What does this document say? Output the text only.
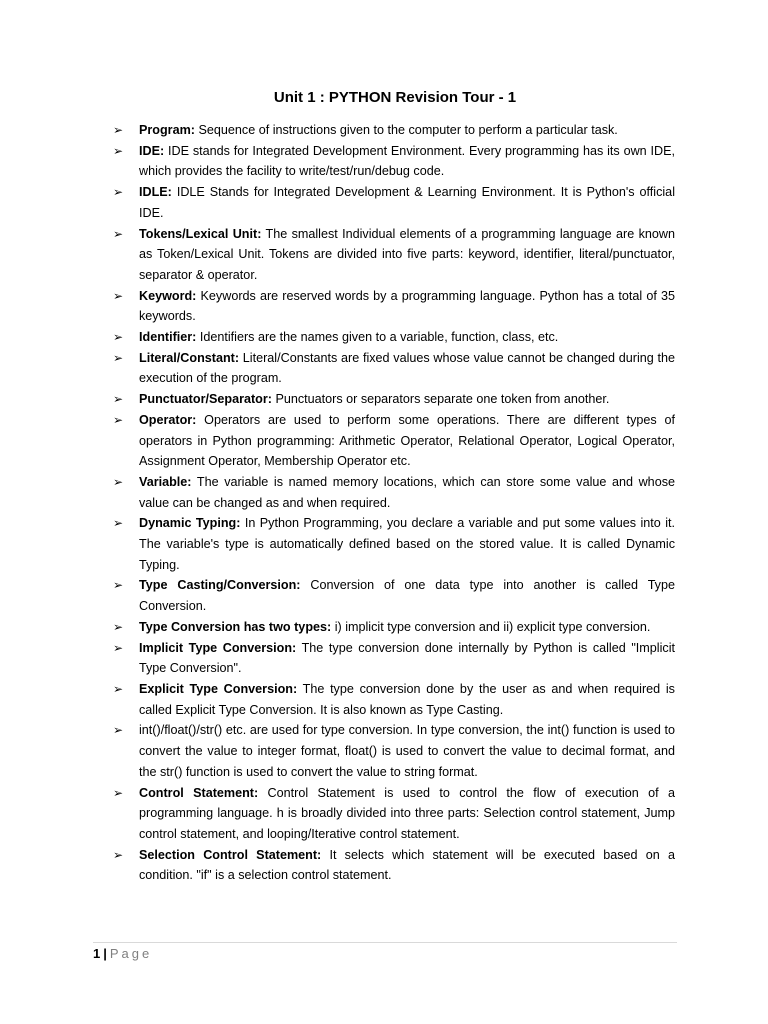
Unit 1 : PYTHON Revision Tour - 1
➢ Program: Sequence of instructions given to the computer to perform a particular task.
➢ IDE: IDE stands for Integrated Development Environment. Every programming has its own IDE, which provides the facility to write/test/run/debug code.
➢ IDLE: IDLE Stands for Integrated Development & Learning Environment. It is Python's official IDE.
➢ Tokens/Lexical Unit: The smallest Individual elements of a programming language are known as Token/Lexical Unit. Tokens are divided into five parts: keyword, identifier, literal/punctuator, separator & operator.
➢ Keyword: Keywords are reserved words by a programming language. Python has a total of 35 keywords.
➢ Identifier: Identifiers are the names given to a variable, function, class, etc.
➢ Literal/Constant: Literal/Constants are fixed values whose value cannot be changed during the execution of the program.
➢ Punctuator/Separator: Punctuators or separators separate one token from another.
➢ Operator: Operators are used to perform some operations. There are different types of operators in Python programming: Arithmetic Operator, Relational Operator, Logical Operator, Assignment Operator, Membership Operator etc.
➢ Variable: The variable is named memory locations, which can store some value and whose value can be changed as and when required.
➢ Dynamic Typing: In Python Programming, you declare a variable and put some values into it. The variable's type is automatically defined based on the stored value. It is called Dynamic Typing.
➢ Type Casting/Conversion: Conversion of one data type into another is called Type Conversion.
➢ Type Conversion has two types: i) implicit type conversion and ii) explicit type conversion.
➢ Implicit Type Conversion: The type conversion done internally by Python is called "Implicit Type Conversion".
➢ Explicit Type Conversion: The type conversion done by the user as and when required is called Explicit Type Conversion. It is also known as Type Casting.
➢ int()/float()/str() etc. are used for type conversion. In type conversion, the int() function is used to convert the value to integer format, float() is used to convert the value to decimal format, and the str() function is used to convert the value to string format.
➢ Control Statement: Control Statement is used to control the flow of execution of a programming language. h is broadly divided into three parts: Selection control statement, Jump control statement, and looping/Iterative control statement.
➢ Selection Control Statement: It selects which statement will be executed based on a condition. "if" is a selection control statement.
1 | Page
